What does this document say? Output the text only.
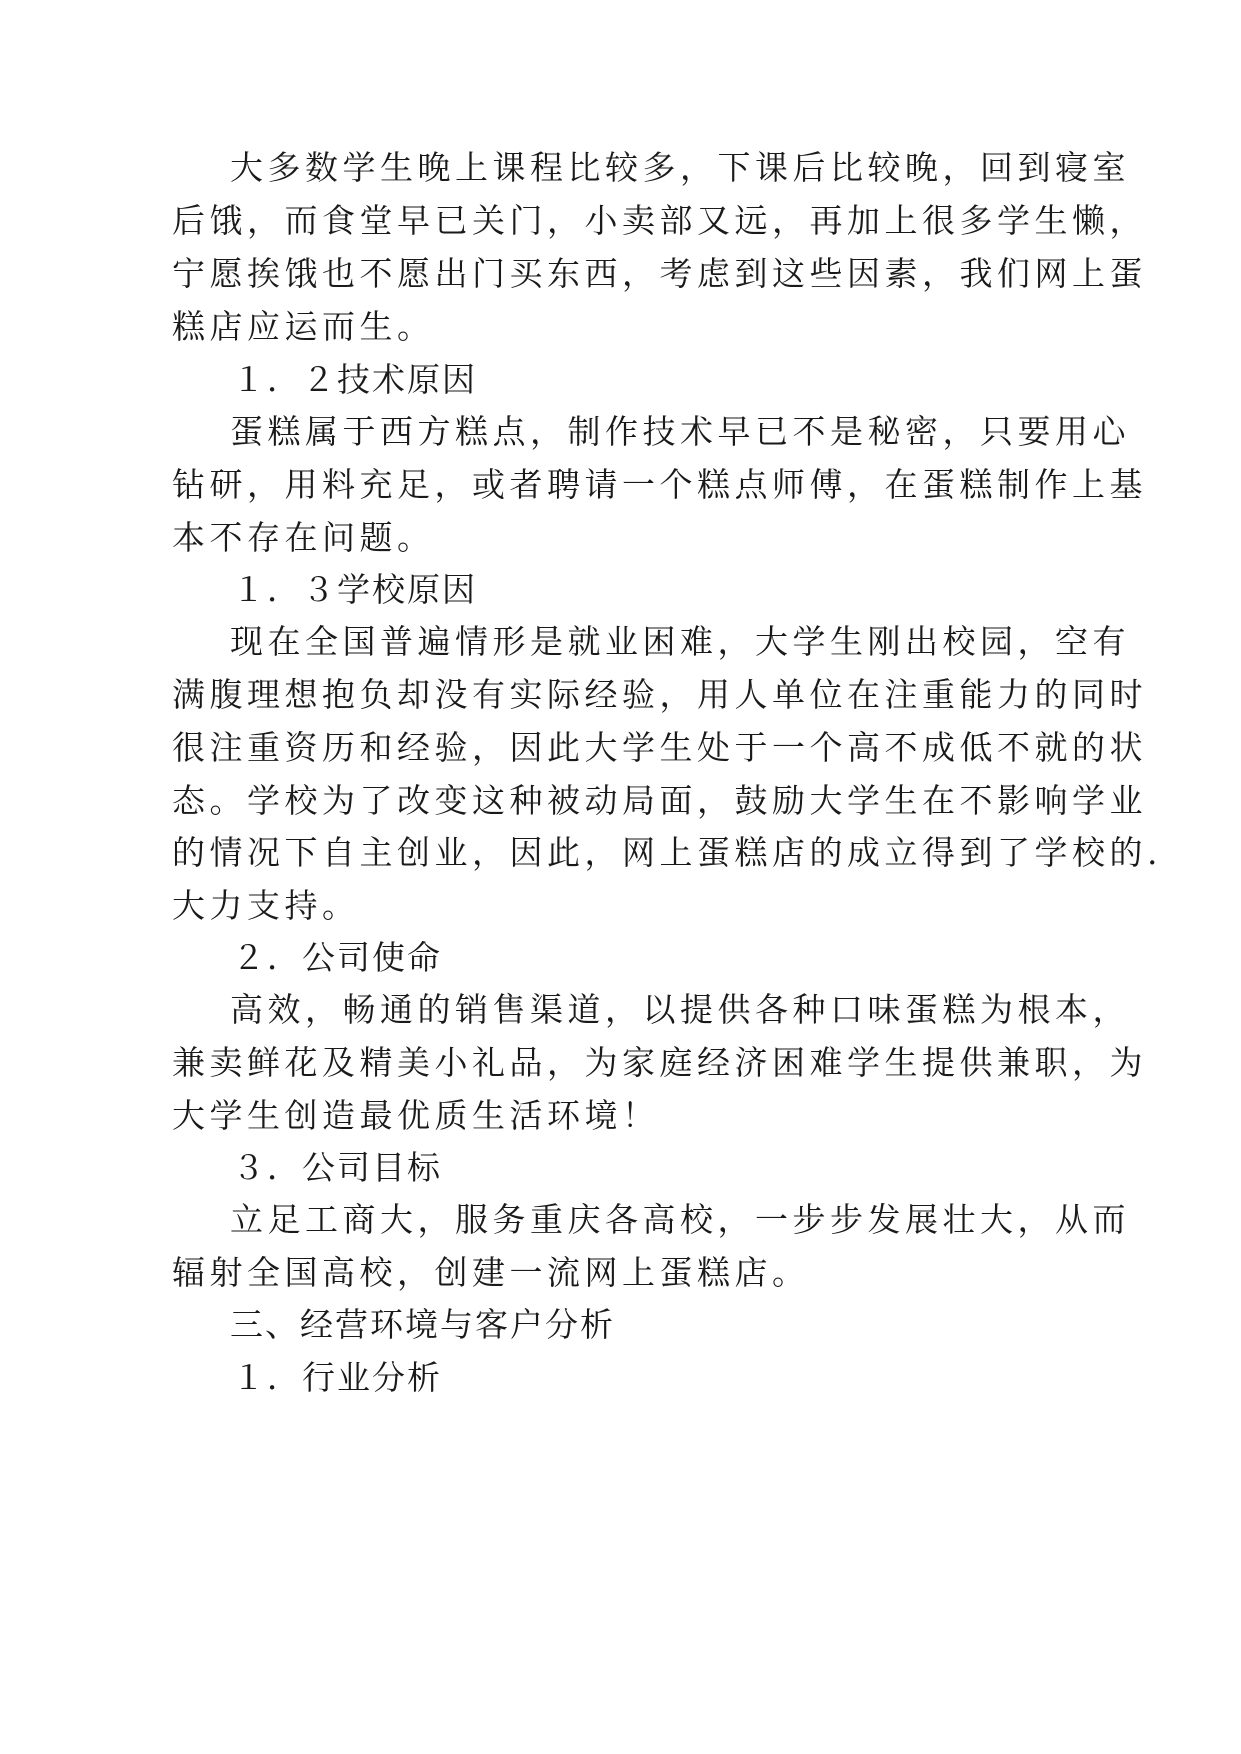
大多数学生晚上课程比较多，下课后比较晚，回到寝室
后饿，而食堂早已关门，小卖部又远，再加上很多学生懒，
宁愿挨饿也不愿出门买东西，考虑到这些因素，我们网上蛋
糕店应运而生。
１．２技术原因
蛋糕属于西方糕点，制作技术早已不是秘密，只要用心
钻研，用料充足，或者聘请一个糕点师傅，在蛋糕制作上基
本不存在问题。
１．３学校原因
现在全国普遍情形是就业困难，大学生刚出校园，空有
满腹理想抱负却没有实际经验，用人单位在注重能力的同时
很注重资历和经验，因此大学生处于一个高不成低不就的状
态。学校为了改变这种被动局面，鼓励大学生在不影响学业
的情况下自主创业，因此，网上蛋糕店的成立得到了学校的.
大力支持。
２．公司使命
高效，畅通的销售渠道，以提供各种口味蛋糕为根本，
兼卖鲜花及精美小礼品，为家庭经济困难学生提供兼职，为
大学生创造最优质生活环境！
３．公司目标
立足工商大，服务重庆各高校，一步步发展壮大，从而
辐射全国高校，创建一流网上蛋糕店。
三、经营环境与客户分析
１．行业分析
